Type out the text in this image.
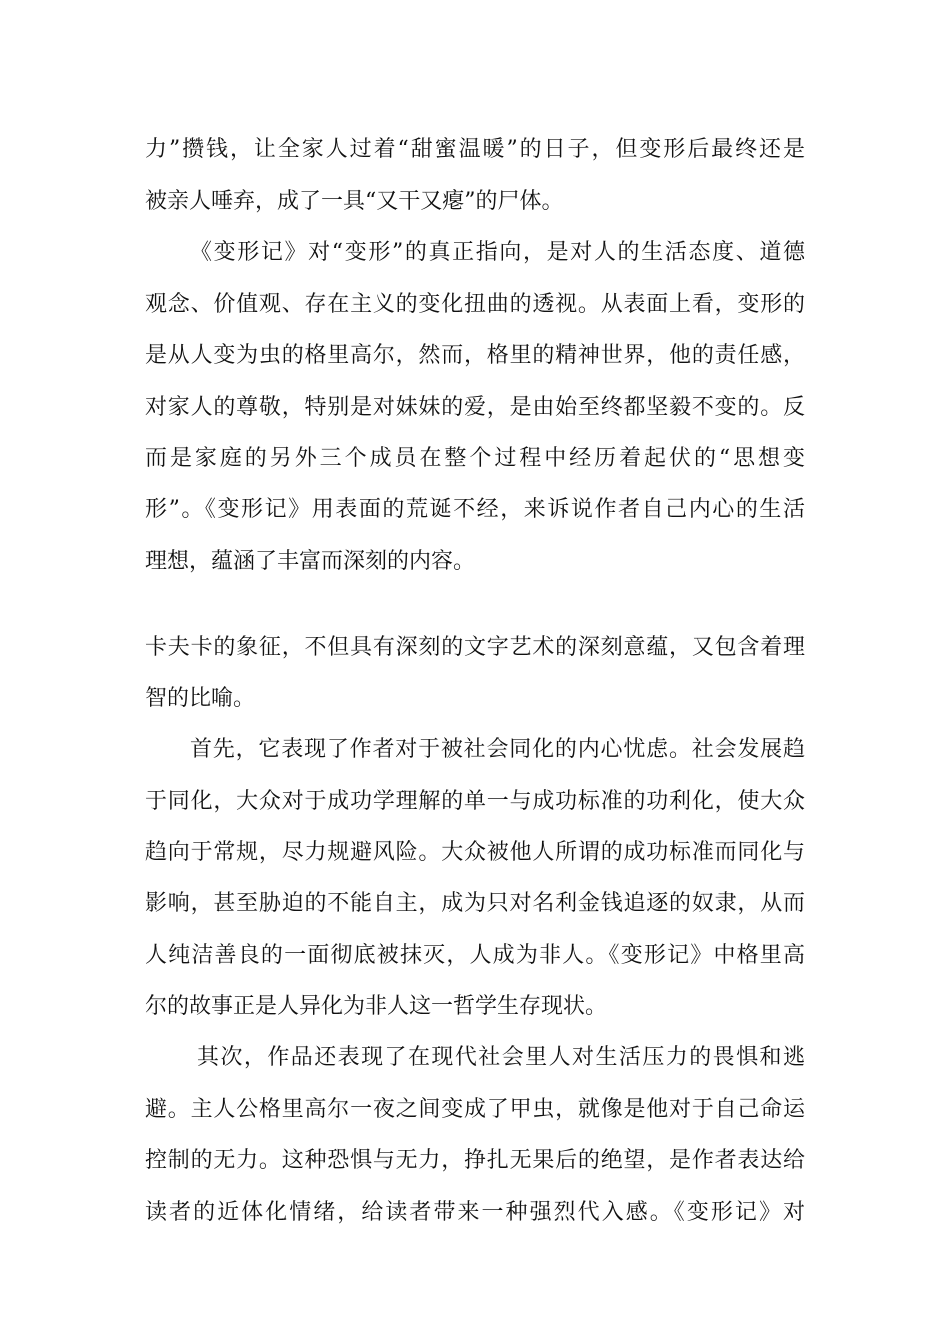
力”攒钱，让全家人过着“甜蜜温暖”的日子，但变形后最终还是

被亲人唾弃，成了一具“又干又瘪”的尸体。

《变形记》对“变形”的真正指向，是对人的生活态度、道德

观念、价值观、存在主义的变化扭曲的透视。从表面上看，变形的

是从人变为虫的格里高尔，然而，格里的精神世界，他的责任感，

对家人的尊敬，特别是对妹妹的爱，是由始至终都坚毅不变的。反

而是家庭的另外三个成员在整个过程中经历着起伏的“思想变

形”。《变形记》用表面的荒诞不经，来诉说作者自己内心的生活

理想，蕴涵了丰富而深刻的内容。

卡夫卡的象征，不但具有深刻的文字艺术的深刻意蕴，又包含着理

智的比喻。

首先，它表现了作者对于被社会同化的内心忧虑。社会发展趋

于同化，大众对于成功学理解的单一与成功标准的功利化，使大众

趋向于常规，尽力规避风险。大众被他人所谓的成功标准而同化与

影响，甚至胁迫的不能自主，成为只对名利金钱追逐的奴隶，从而

人纯洁善良的一面彻底被抹灭，人成为非人。《变形记》中格里高

尔的故事正是人异化为非人这一哲学生存现状。

其次，作品还表现了在现代社会里人对生活压力的畏惧和逃

避。主人公格里高尔一夜之间变成了甲虫，就像是他对于自己命运

控制的无力。这种恐惧与无力，挣扎无果后的绝望，是作者表达给

读者的近体化情绪，给读者带来一种强烈代入感。《变形记》对
